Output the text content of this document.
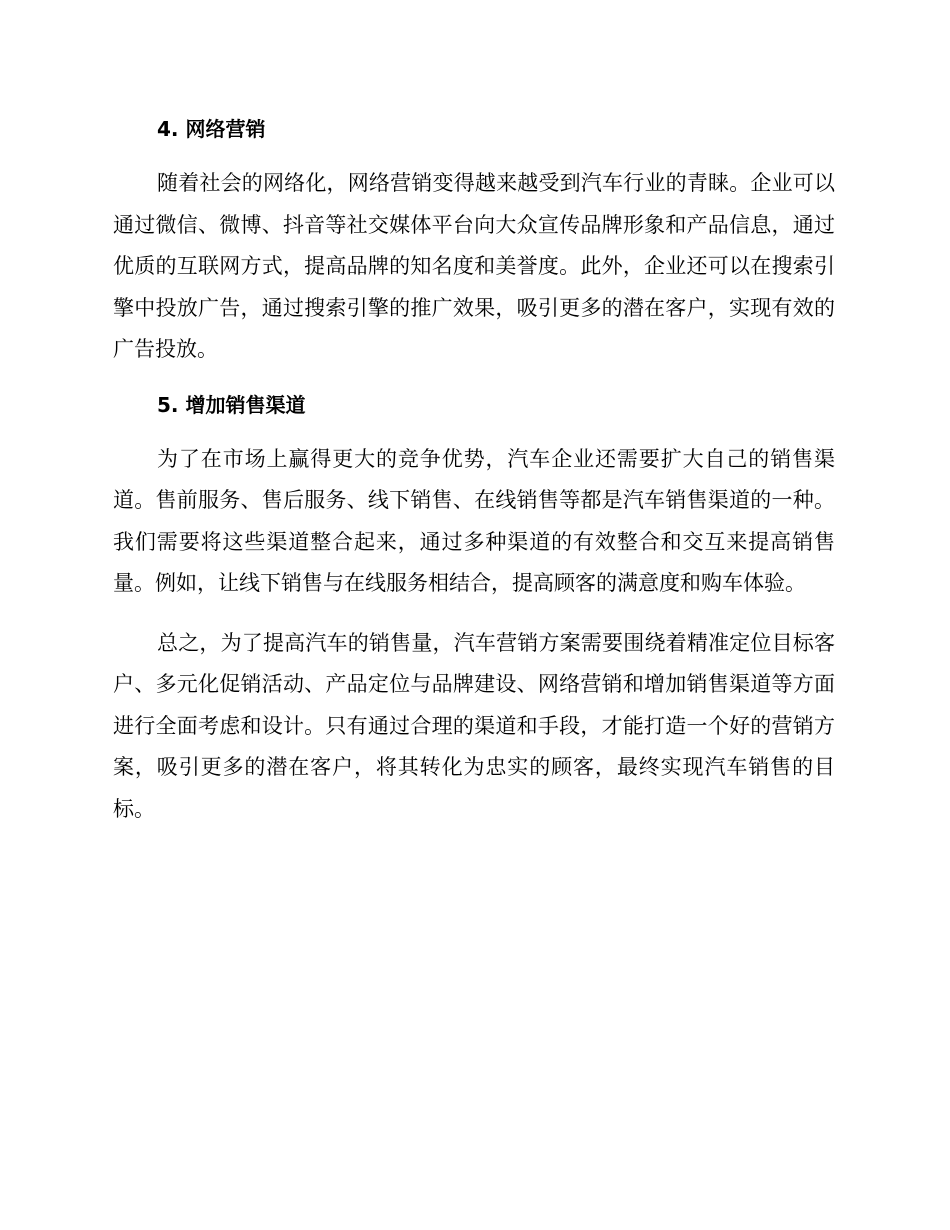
4. 网络营销

随着社会的网络化，网络营销变得越来越受到汽车行业的青睐。企业可以通过微信、微博、抖音等社交媒体平台向大众宣传品牌形象和产品信息，通过优质的互联网方式，提高品牌的知名度和美誉度。此外，企业还可以在搜索引擎中投放广告，通过搜索引擎的推广效果，吸引更多的潜在客户，实现有效的广告投放。

5. 增加销售渠道

为了在市场上赢得更大的竞争优势，汽车企业还需要扩大自己的销售渠道。售前服务、售后服务、线下销售、在线销售等都是汽车销售渠道的一种。我们需要将这些渠道整合起来，通过多种渠道的有效整合和交互来提高销售量。例如，让线下销售与在线服务相结合，提高顾客的满意度和购车体验。

总之，为了提高汽车的销售量，汽车营销方案需要围绕着精准定位目标客户、多元化促销活动、产品定位与品牌建设、网络营销和增加销售渠道等方面进行全面考虑和设计。只有通过合理的渠道和手段，才能打造一个好的营销方案，吸引更多的潜在客户，将其转化为忠实的顾客，最终实现汽车销售的目标。
